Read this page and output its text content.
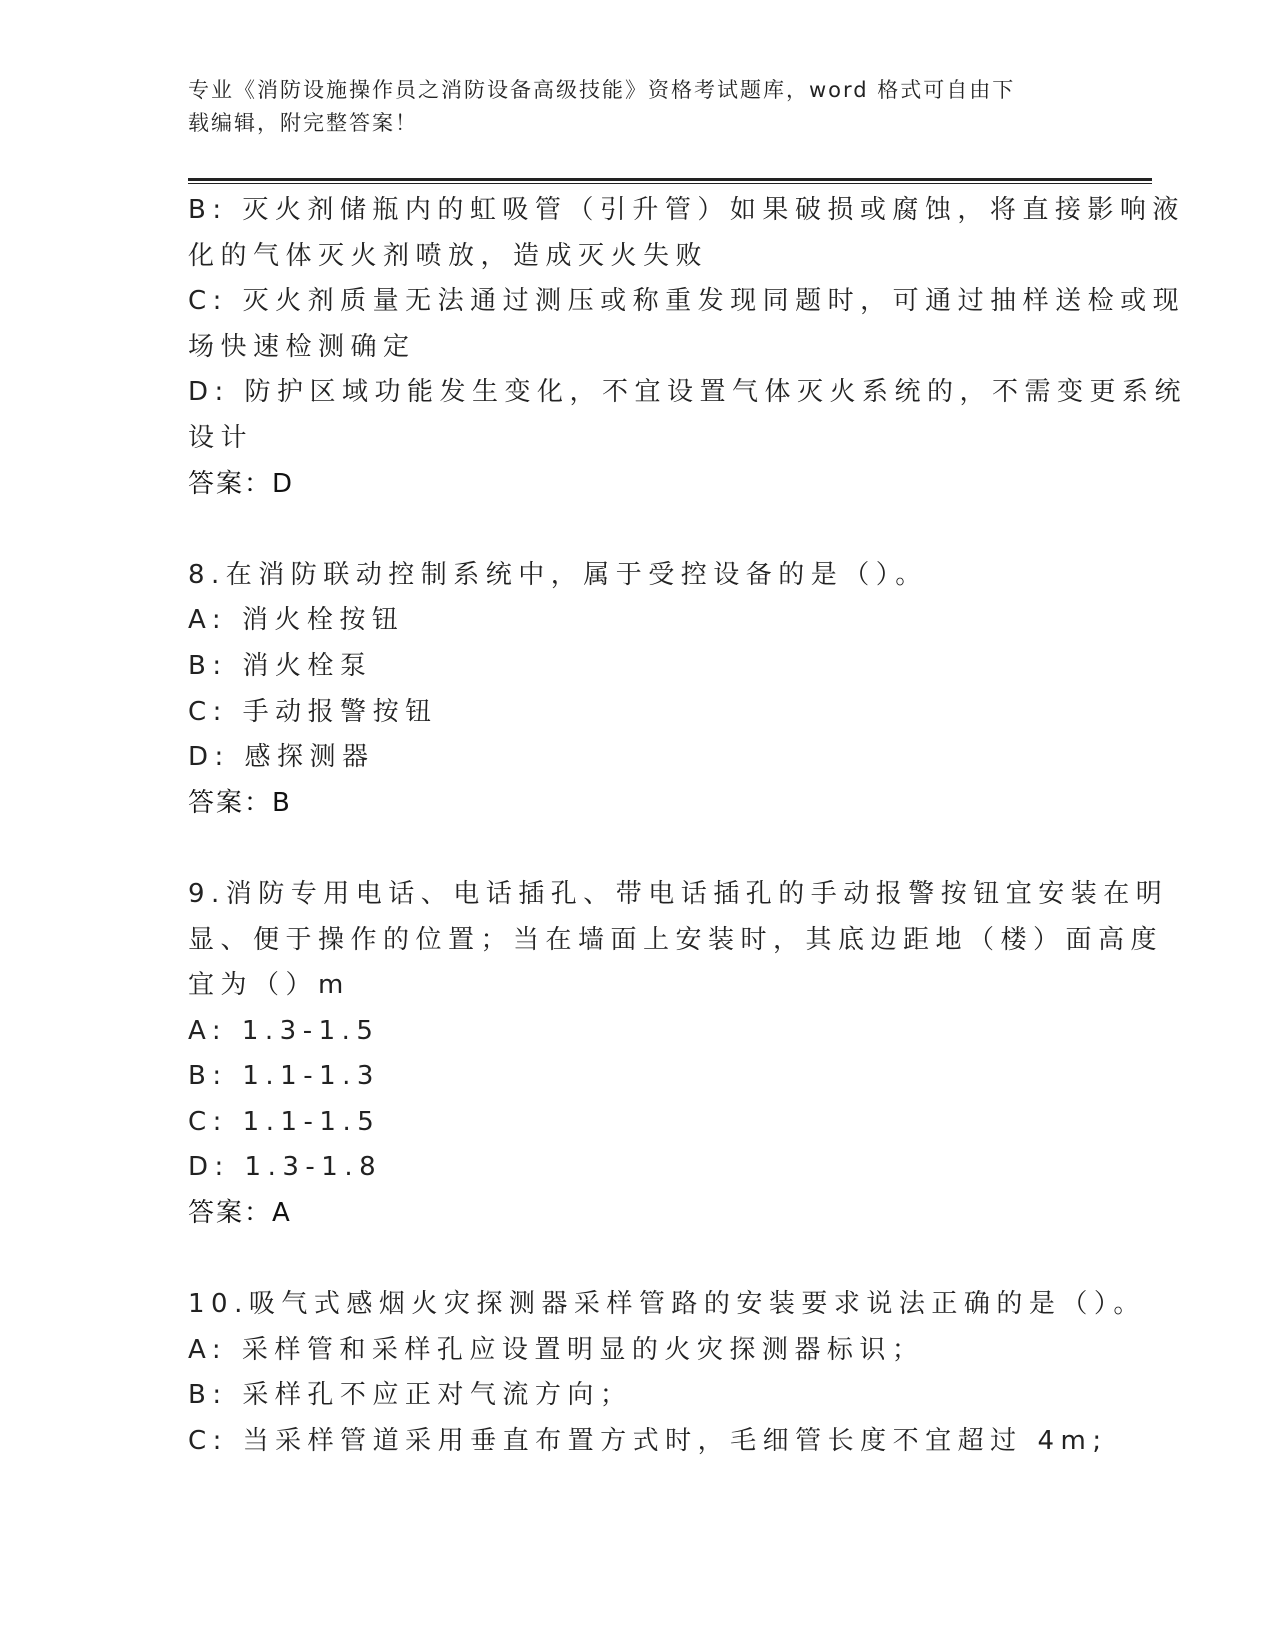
专业《消防设施操作员之消防设备高级技能》资格考试题库，word 格式可自由下
载编辑，附完整答案！
B: 灭火剂储瓶内的虹吸管（引升管）如果破损或腐蚀，将直接影响液
化的气体灭火剂喷放，造成灭火失败
C: 灭火剂质量无法通过测压或称重发现同题时，可通过抽样送检或现
场快速检测确定
D: 防护区域功能发生变化，不宜设置气体灭火系统的，不需变更系统
设计
答案：D
8.在消防联动控制系统中，属于受控设备的是（）。
A: 消火栓按钮
B: 消火栓泵
C: 手动报警按钮
D: 感探测器
答案：B
9.消防专用电话、电话插孔、带电话插孔的手动报警按钮宜安装在明
显、便于操作的位置；当在墙面上安装时，其底边距地（楼）面高度
宜为（）m
A: 1.3-1.5
B: 1.1-1.3
C: 1.1-1.5
D: 1.3-1.8
答案：A
10.吸气式感烟火灾探测器采样管路的安装要求说法正确的是（）。
A: 采样管和采样孔应设置明显的火灾探测器标识；
B: 采样孔不应正对气流方向；
C: 当采样管道采用垂直布置方式时，毛细管长度不宜超过 4m;
